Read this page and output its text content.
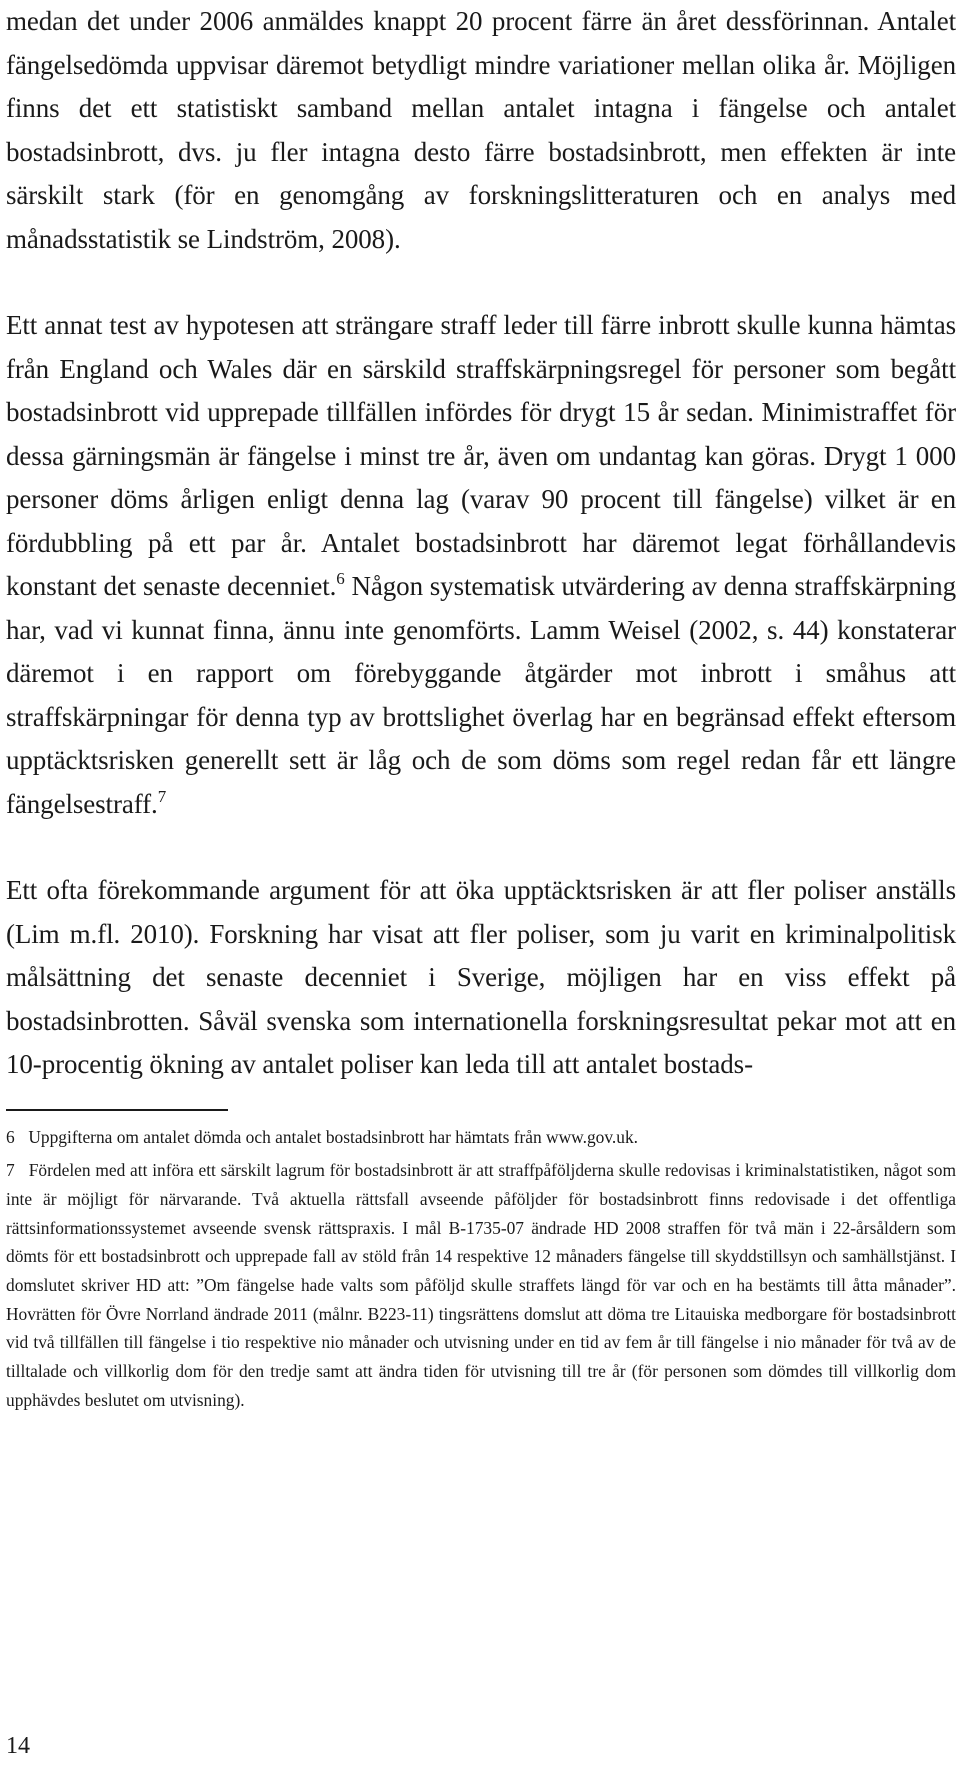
medan det under 2006 anmäldes knappt 20 procent färre än året dessförinnan. Antalet fängelsedömda uppvisar däremot betydligt mindre variationer mellan olika år. Möjligen finns det ett statistiskt samband mellan antalet intagna i fängelse och antalet bostadsinbrott, dvs. ju fler intagna desto färre bostadsinbrott, men effekten är inte särskilt stark (för en genomgång av forskningslitteraturen och en analys med månadsstatistik se Lindström, 2008).

Ett annat test av hypotesen att strängare straff leder till färre inbrott skulle kunna hämtas från England och Wales där en särskild straffskärpningsregel för personer som begått bostadsinbrott vid upprepade tillfällen infördes för drygt 15 år sedan. Minimistraffet för dessa gärningsmän är fängelse i minst tre år, även om undantag kan göras. Drygt 1 000 personer döms årligen enligt denna lag (varav 90 procent till fängelse) vilket är en fördubbling på ett par år. Antalet bostadsinbrott har däremot legat förhållandevis konstant det senaste decenniet.$^6$ Någon systematisk utvärdering av denna straffskärpning har, vad vi kunnat finna, ännu inte genomförts. Lamm Weisel (2002, s. 44) konstaterar däremot i en rapport om förebyggande åtgärder mot inbrott i småhus att straffskärpningar för denna typ av brottslighet överlag har en begränsad effekt eftersom upptäcktsrisken generellt sett är låg och de som döms som regel redan får ett längre fängelsestraff.$^7$

Ett ofta förekommande argument för att öka upptäcktsrisken är att fler poliser anställs (Lim m.fl. 2010). Forskning har visat att fler poliser, som ju varit en kriminalpolitisk målsättning det senaste decenniet i Sverige, möjligen har en viss effekt på bostadsinbrotten. Såväl svenska som internationella forskningsresultat pekar mot att en 10-procentig ökning av antalet poliser kan leda till att antalet bostads-

6 Uppgifterna om antalet dömda och antalet bostadsinbrott har hämtats från www.gov.uk.

7 Fördelen med att införa ett särskilt lagrum för bostadsinbrott är att straffpåföljderna skulle redovisas i kriminalstatistiken, något som inte är möjligt för närvarande. Två aktuella rättsfall avseende påföljder för bostadsinbrott finns redovisade i det offentliga rättsinformationssystemet avseende svensk rättspraxis. I mål B-1735-07 ändrade HD 2008 straffen för två män i 22-årsåldern som dömts för ett bostadsinbrott och upprepade fall av stöld från 14 respektive 12 månaders fängelse till skyddstillsyn och samhällstjänst. I domslutet skriver HD att: ”Om fängelse hade valts som påföljd skulle straffets längd för var och en ha bestämts till åtta månader”. Hovrätten för Övre Norrland ändrade 2011 (målnr. B223-11) tingsrättens domslut att döma tre Litauiska medborgare för bostadsinbrott vid två tillfällen till fängelse i tio respektive nio månader och utvisning under en tid av fem år till fängelse i nio månader för två av de tilltalade och villkorlig dom för den tredje samt att ändra tiden för utvisning till tre år (för personen som dömdes till villkorlig dom upphävdes beslutet om utvisning).

14
